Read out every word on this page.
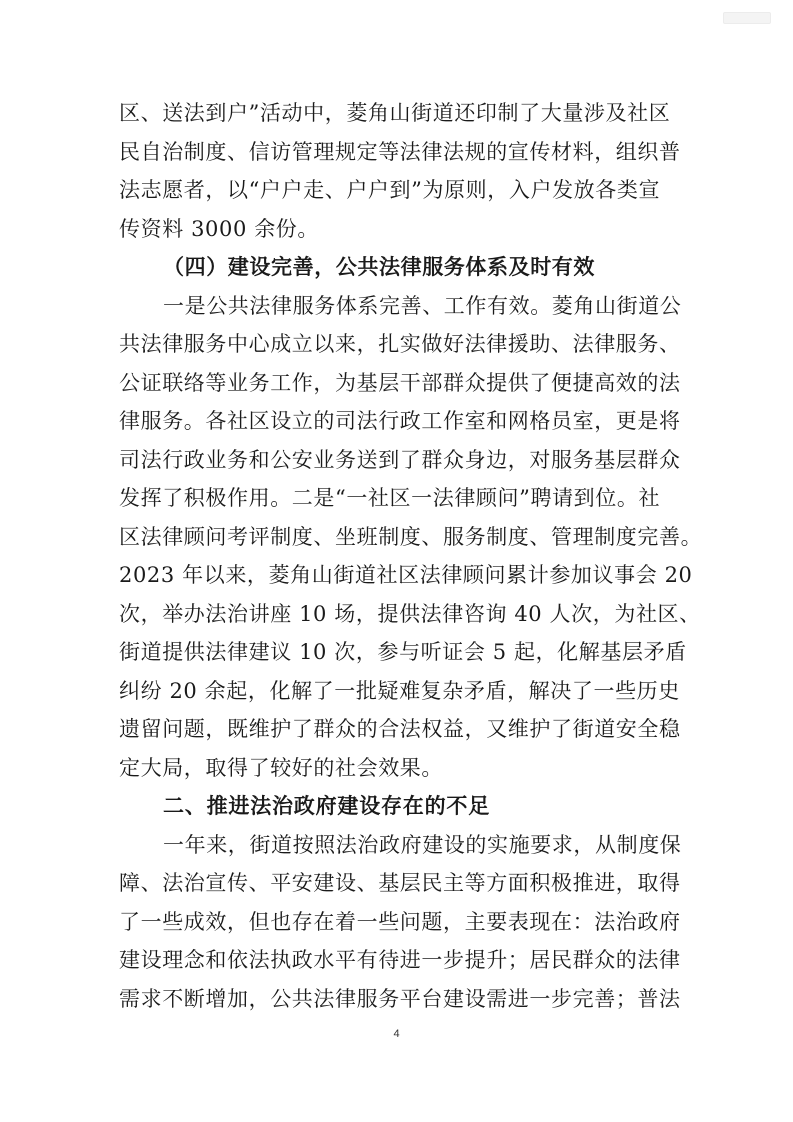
区、送法到户”活动中，菱角山街道还印制了大量涉及社区
民自治制度、信访管理规定等法律法规的宣传材料，组织普
法志愿者，以“户户走、户户到”为原则，入户发放各类宣
传资料 3000 余份。
（四）建设完善，公共法律服务体系及时有效
一是公共法律服务体系完善、工作有效。菱角山街道公
共法律服务中心成立以来，扎实做好法律援助、法律服务、
公证联络等业务工作，为基层干部群众提供了便捷高效的法
律服务。各社区设立的司法行政工作室和网格员室，更是将
司法行政业务和公安业务送到了群众身边，对服务基层群众
发挥了积极作用。二是“一社区一法律顾问”聘请到位。社
区法律顾问考评制度、坐班制度、服务制度、管理制度完善。
2023 年以来，菱角山街道社区法律顾问累计参加议事会 20
次，举办法治讲座 10 场，提供法律咨询 40 人次，为社区、
街道提供法律建议 10 次，参与听证会 5 起，化解基层矛盾
纠纷 20 余起，化解了一批疑难复杂矛盾，解决了一些历史
遗留问题，既维护了群众的合法权益，又维护了街道安全稳
定大局，取得了较好的社会效果。
二、推进法治政府建设存在的不足
一年来，街道按照法治政府建设的实施要求，从制度保
障、法治宣传、平安建设、基层民主等方面积极推进，取得
了一些成效，但也存在着一些问题，主要表现在：法治政府
建设理念和依法执政水平有待进一步提升；居民群众的法律
需求不断增加，公共法律服务平台建设需进一步完善；普法
4
